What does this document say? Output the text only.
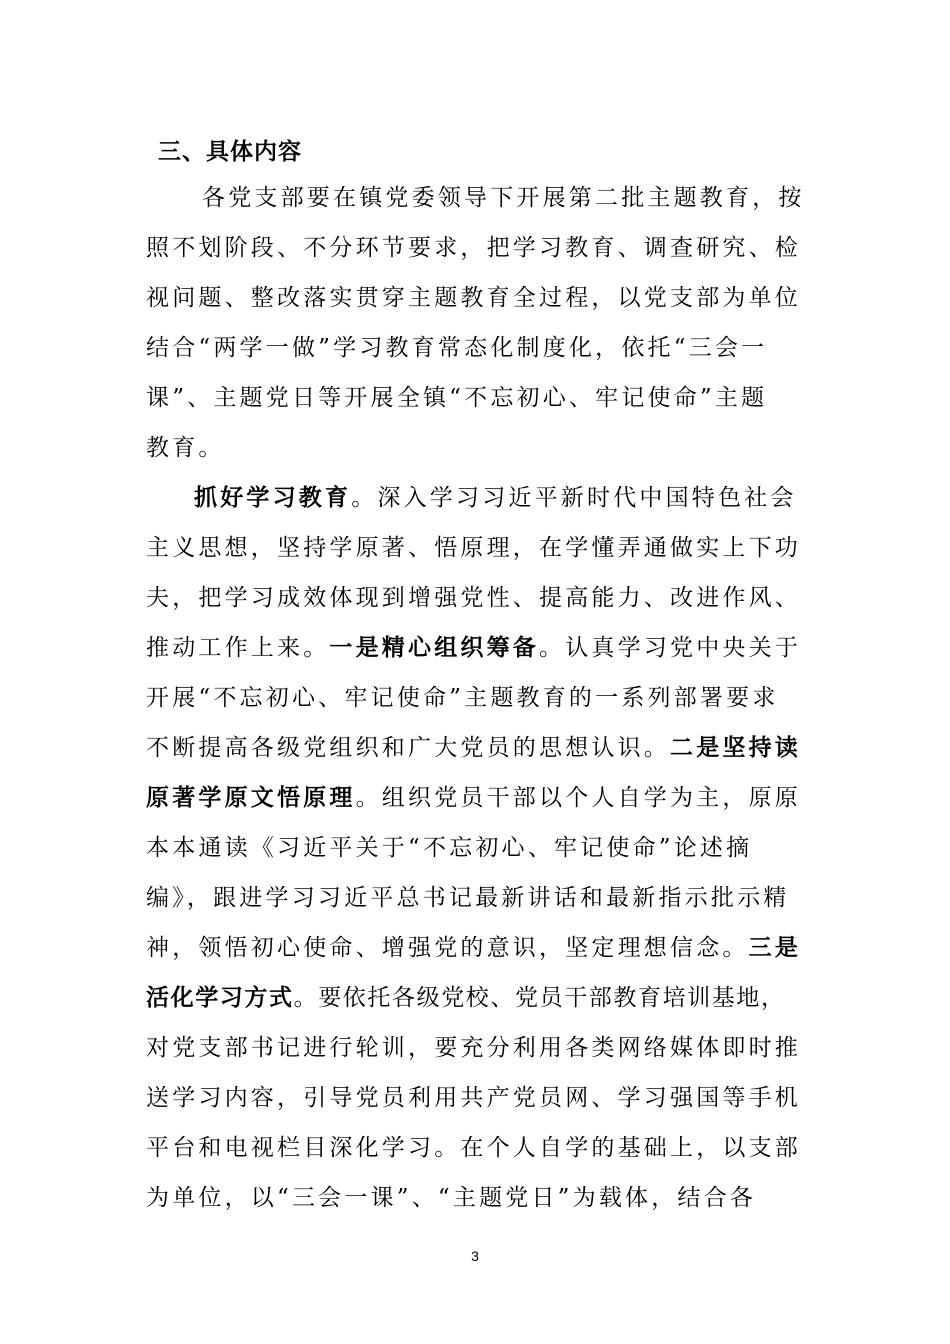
三、具体内容
各党支部要在镇党委领导下开展第二批主题教育，按
照不划阶段、不分环节要求，把学习教育、调查研究、检
视问题、整改落实贯穿主题教育全过程，以党支部为单位
结合“两学一做”学习教育常态化制度化，依托“三会一
课”、主题党日等开展全镇“不忘初心、牢记使命”主题
教育。
抓好学习教育。深入学习习近平新时代中国特色社会
主义思想，坚持学原著、悟原理，在学懂弄通做实上下功
夫，把学习成效体现到增强党性、提高能力、改进作风、
推动工作上来。一是精心组织筹备。认真学习党中央关于
开展“不忘初心、牢记使命”主题教育的一系列部署要求
不断提高各级党组织和广大党员的思想认识。二是坚持读
原著学原文悟原理。组织党员干部以个人自学为主，原原
本本通读《习近平关于“不忘初心、牢记使命”论述摘
编》，跟进学习习近平总书记最新讲话和最新指示批示精
神，领悟初心使命、增强党的意识，坚定理想信念。三是
活化学习方式。要依托各级党校、党员干部教育培训基地，
对党支部书记进行轮训，要充分利用各类网络媒体即时推
送学习内容，引导党员利用共产党员网、学习强国等手机
平台和电视栏目深化学习。在个人自学的基础上，以支部
为单位，以“三会一课”、“主题党日”为载体，结合各
3
